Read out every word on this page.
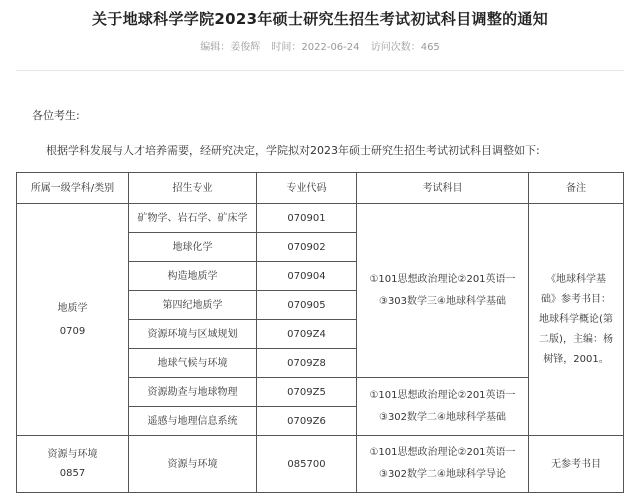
关于地球科学学院2023年硕士研究生招生考试初试科目调整的通知
编辑：姜俊辉 时间：2022-06-24 访问次数：465
各位考生:
根据学科发展与人才培养需要，经研究决定，学院拟对2023年硕士研究生招生考试初试科目调整如下:
所属一级学科/类别	招生专业	专业代码	考试科目	备注

地质学
0709	矿物学、岩石学、矿床学	070901	①101思想政治理论②201英语一③303数学三④地球科学基础	《地球科学基础》参考书目：地球科学概论(第二版)，主编：杨树锋，2001。
	地球化学	070902		
	构造地质学	070904		
	第四纪地质学	070905		
	资源环境与区域规划	0709Z4		
	地球气候与环境	0709Z8		
	资源勘查与地球物理	0709Z5	①101思想政治理论②201英语一③302数学二④地球科学基础	
	遥感与地理信息系统	0709Z6		

资源与环境
0857	资源与环境	085700	①101思想政治理论②201英语一③302数学二④地球科学导论	无参考书目
